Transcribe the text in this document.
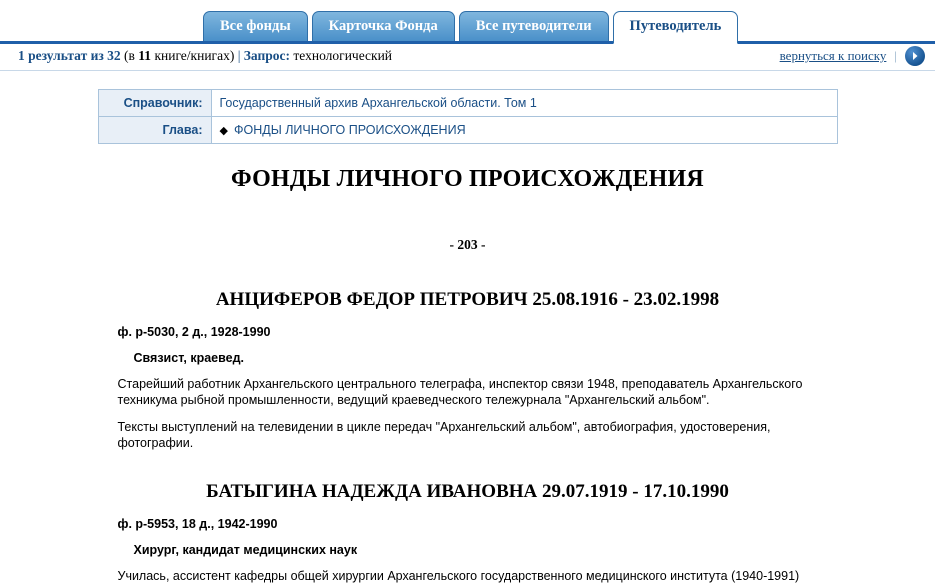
Все фонды	Карточка Фонда	Все путеводители	Путеводитель
1 результат из 32 (в 11 книге/книгах) | Запрос: технологический	вернуться к поиску |
Справочник:	Государственный архив Архангельской области. Том 1
Глава:	◆ ФОНДЫ ЛИЧНОГО ПРОИСХОЖДЕНИЯ
ФОНДЫ ЛИЧНОГО ПРОИСХОЖДЕНИЯ
- 203 -
АНЦИФЕРОВ ФЕДОР ПЕТРОВИЧ 25.08.1916 - 23.02.1998
ф. р-5030, 2 д., 1928-1990
Связист, краевед.
Старейший работник Архангельского центрального телеграфа, инспектор связи 1948, преподаватель Архангельского техникума рыбной промышленности, ведущий краеведческого тележурнала "Архангельский альбом".
Тексты выступлений на телевидении в цикле передач "Архангельский альбом", автобиография, удостоверения, фотографии.
БАТЫГИНА НАДЕЖДА ИВАНОВНА 29.07.1919 - 17.10.1990
ф. р-5953, 18 д., 1942-1990
Хирург, кандидат медицинских наук
Училась, ассистент кафедры общей хирургии Архангельского государственного медицинского института (1940-1991)
